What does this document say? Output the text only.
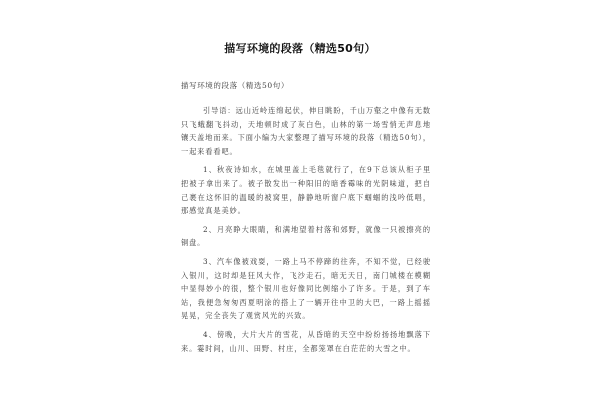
描写环境的段落（精选50句）
描写环境的段落（精选50句）

引导语：远山近岭连绵起伏，伸目眺盼，千山万壑之中像有无数只飞蛾翻飞抖动，天地顿时成了灰白色，山林的第一场雪悄无声息地镶天盖地而来。下面小编为大家整理了描写环境的段落（精选50句），一起来看看吧。

1、秋夜诗如水，在城里盖上毛毯就行了，在9下总该从柜子里把被子拿出来了。被子散发出一种阳旧的暗香霉味的光阴味道，把自己裹在这怀旧的温暖的被窝里，静静地听窗户底下蝈蝈的浅吟低唱，那感觉真是美妙。

2、月亮睁大眼睛，和满地望着村落和郊野，就像一只被擦亮的铜盘。

3、汽车像被戏耍，一路上马不停蹄的往奔，不知不觉，已经驶入银川，这时却是狂风大作，飞沙走石，暗无天日，南门城楼在模糊中显得妙小的很，整个银川也好像同比例缩小了许多。于是，到了车站，我便急匆匆西夏明涂的搭上了一辆开往中卫的大巴，一路上摇摇晃晃，完全丧失了观赏风光的兴致。

4、傍晚，大片大片的雪花，从昏暗的天空中纷纷扬扬地飘落下来。霎时间，山川、田野、村庄，全都笼罩在白茫茫的大雪之中。
